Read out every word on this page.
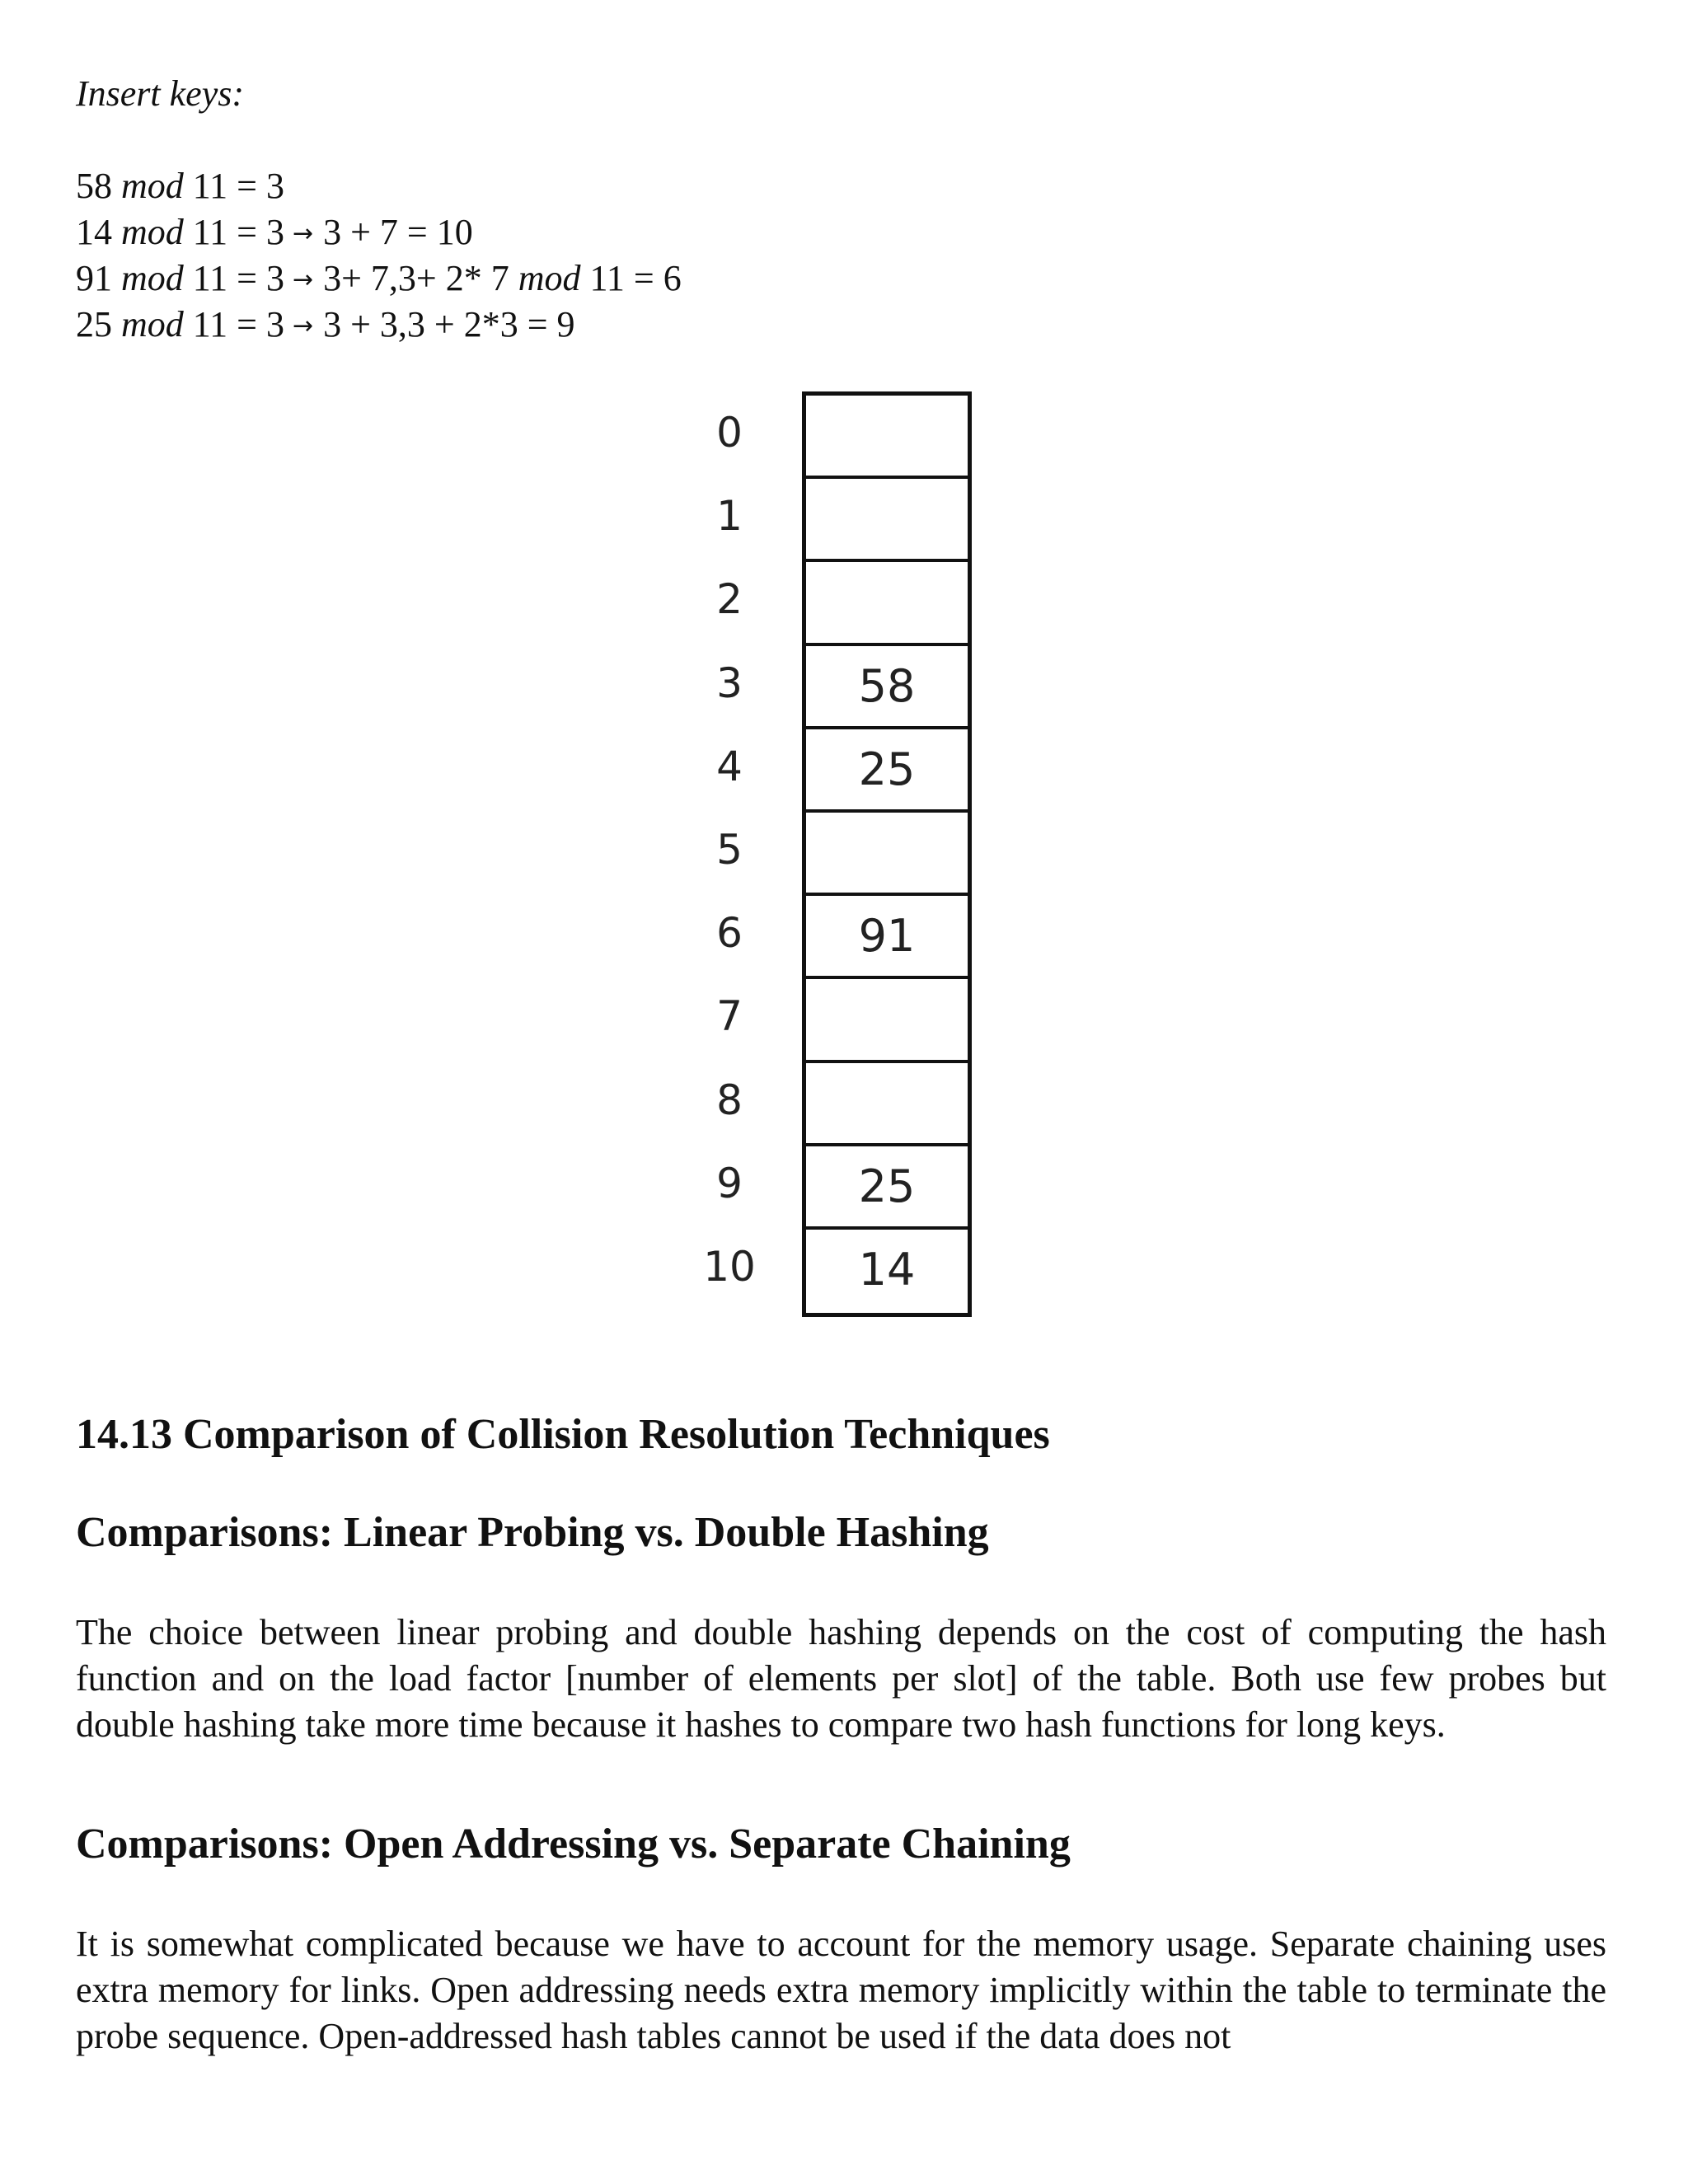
Insert keys:
58 mod 11 = 3
14 mod 11 = 3 → 3 + 7 = 10
91 mod 11 = 3 → 3+ 7,3+ 2* 7 mod 11 = 6
25 mod 11 = 3 → 3 + 3,3 + 2*3 = 9
0
1
2
3
4
5
6
7
8
9
10
58
25
91
25
14
14.13 Comparison of Collision Resolution Techniques
Comparisons: Linear Probing vs. Double Hashing

The choice between linear probing and double hashing depends on the cost of computing the hash function and on the load factor [number of elements per slot] of the table. Both use few probes but double hashing take more time because it hashes to compare two hash functions for long keys.

Comparisons: Open Addressing vs. Separate Chaining

It is somewhat complicated because we have to account for the memory usage. Separate chaining uses extra memory for links. Open addressing needs extra memory implicitly within the table to terminate the probe sequence. Open-addressed hash tables cannot be used if the data does not
